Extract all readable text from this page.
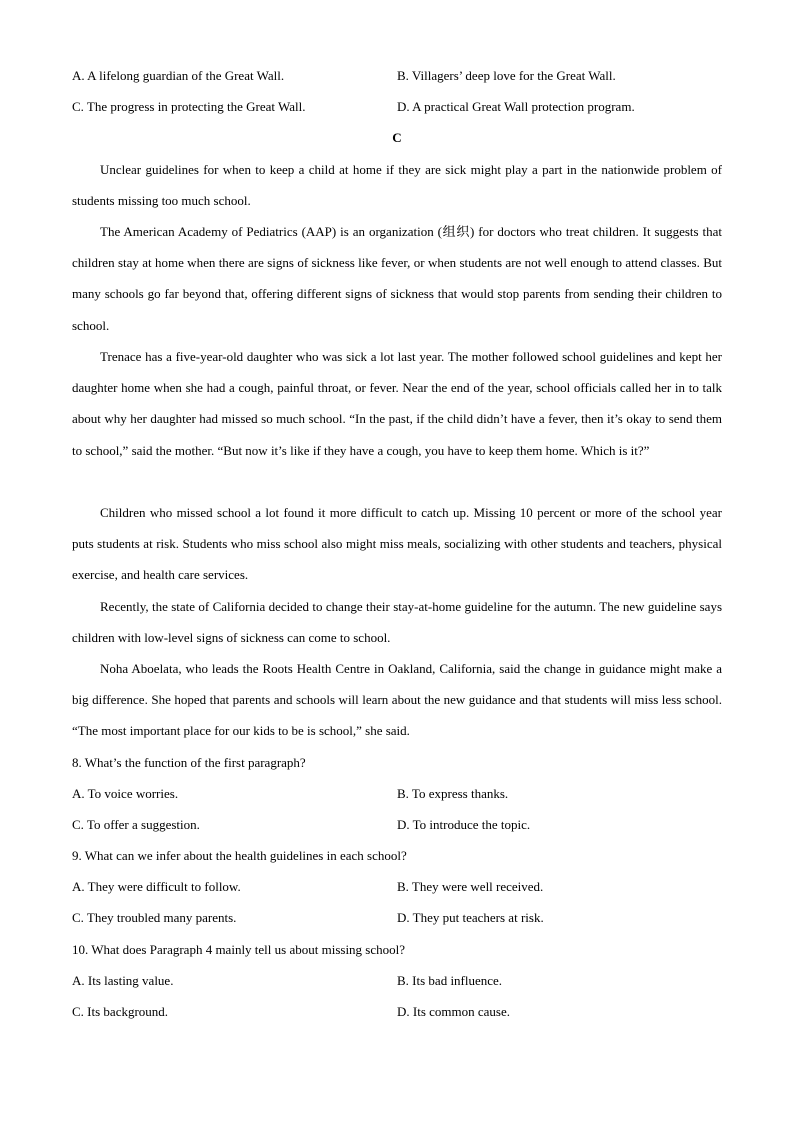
A. A lifelong guardian of the Great Wall.	B. Villagers’ deep love for the Great Wall.
C. The progress in protecting the Great Wall.	D. A practical Great Wall protection program.
C

Unclear guidelines for when to keep a child at home if they are sick might play a part in the nationwide problem of students missing too much school.

The American Academy of Pediatrics (AAP) is an organization (组织) for doctors who treat children. It suggests that children stay at home when there are signs of sickness like fever, or when students are not well enough to attend classes. But many schools go far beyond that, offering different signs of sickness that would stop parents from sending their children to school.

Trenace has a five-year-old daughter who was sick a lot last year. The mother followed school guidelines and kept her daughter home when she had a cough, painful throat, or fever. Near the end of the year, school officials called her in to talk about why her daughter had missed so much school. “In the past, if the child didn’t have a fever, then it’s okay to send them to school,” said the mother. “But now it’s like if they have a cough, you have to keep them home. Which is it?”

Children who missed school a lot found it more difficult to catch up. Missing 10 percent or more of the school year puts students at risk. Students who miss school also might miss meals, socializing with other students and teachers, physical exercise, and health care services.

Recently, the state of California decided to change their stay-at-home guideline for the autumn. The new guideline says children with low-level signs of sickness can come to school.

Noha Aboelata, who leads the Roots Health Centre in Oakland, California, said the change in guidance might make a big difference. She hoped that parents and schools will learn about the new guidance and that students will miss less school. “The most important place for our kids to be is school,” she said.

8. What’s the function of the first paragraph?
A. To voice worries.	B. To express thanks.
C. To offer a suggestion.	D. To introduce the topic.
9. What can we infer about the health guidelines in each school?
A. They were difficult to follow.	B. They were well received.
C. They troubled many parents.	D. They put teachers at risk.
10. What does Paragraph 4 mainly tell us about missing school?
A. Its lasting value.	B. Its bad influence.
C. Its background.	D. Its common cause.
